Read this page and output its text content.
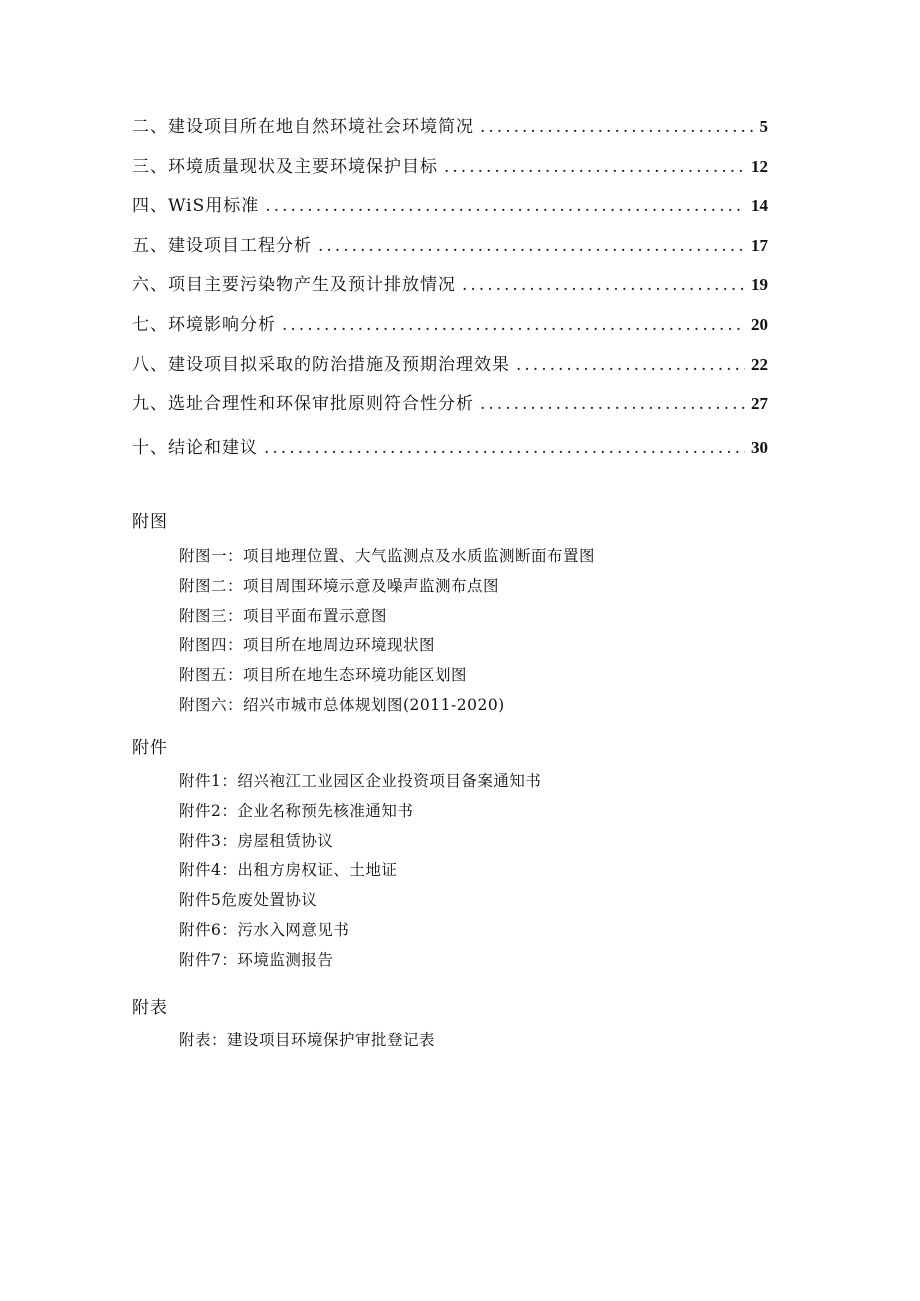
二、建设项目所在地自然环境社会环境简况 .....	5
三、环境质量现状及主要环境保护目标 .....	12
四、WiS用标准 .....	14
五、建设项目工程分析 .....	17
六、项目主要污染物产生及预计排放情况 .....	19
七、环境影响分析 .....	20
八、建设项目拟采取的防治措施及预期治理效果 .....	22
九、选址合理性和环保审批原则符合性分析 .....	27
十、结论和建议 .....	30
附图
附图一：项目地理位置、大气监测点及水质监测断面布置图
附图二：项目周围环境示意及噪声监测布点图
附图三：项目平面布置示意图
附图四：项目所在地周边环境现状图
附图五：项目所在地生态环境功能区划图
附图六：绍兴市城市总体规划图(2011-2020)
附件
附件1：绍兴袍江工业园区企业投资项目备案通知书
附件2：企业名称预先核准通知书
附件3：房屋租赁协议
附件4：出租方房权证、土地证
附件5危废处置协议
附件6：污水入网意见书
附件7：环境监测报告
附表
附表：建设项目环境保护审批登记表
